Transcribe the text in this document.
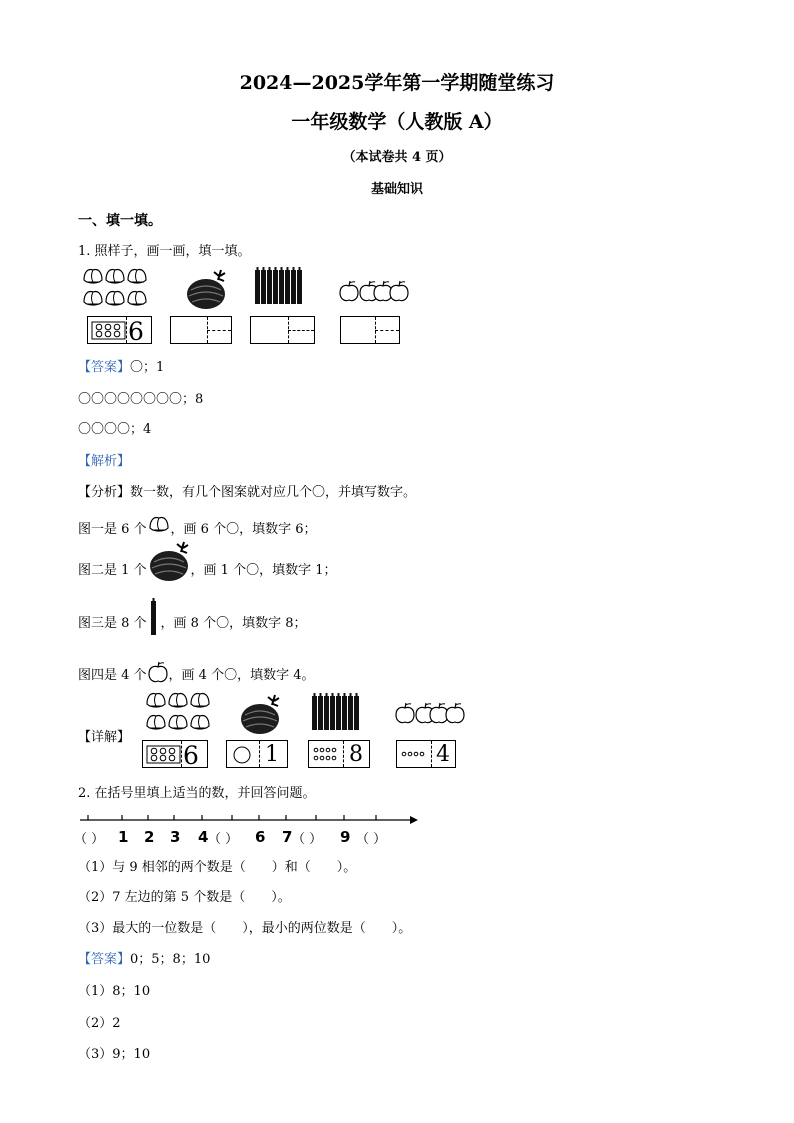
2024—2025学年第一学期随堂练习
一年级数学（人教版 A）
（本试卷共 4 页）
基础知识
一、填一填。
1. 照样子，画一画，填一填。
6
【答案】〇；1
〇〇〇〇〇〇〇〇；8
〇〇〇〇；4
【解析】
【分析】数一数，有几个图案就对应几个〇，并填写数字。
图一是 6 个 ，画 6 个〇，填数字 6；
图二是 1 个	，画 1 个〇，填数字 1；
图三是 8 个 ，画 8 个〇，填数字 8；
图四是 4 个 ，画 4 个〇，填数字 4。
【详解】
6	1	8	4
2. 在括号里填上适当的数，并回答问题。
（ ） 1 2 3 4 （ ） 6 7 （ ） 9 （ ）
（1）与 9 相邻的两个数是（　　）和（　　）。
（2）7 左边的第 5 个数是（　　）。
（3）最大的一位数是（　　），最小的两位数是（　　）。
【答案】0；5；8；10
（1）8；10
（2）2
（3）9；10
